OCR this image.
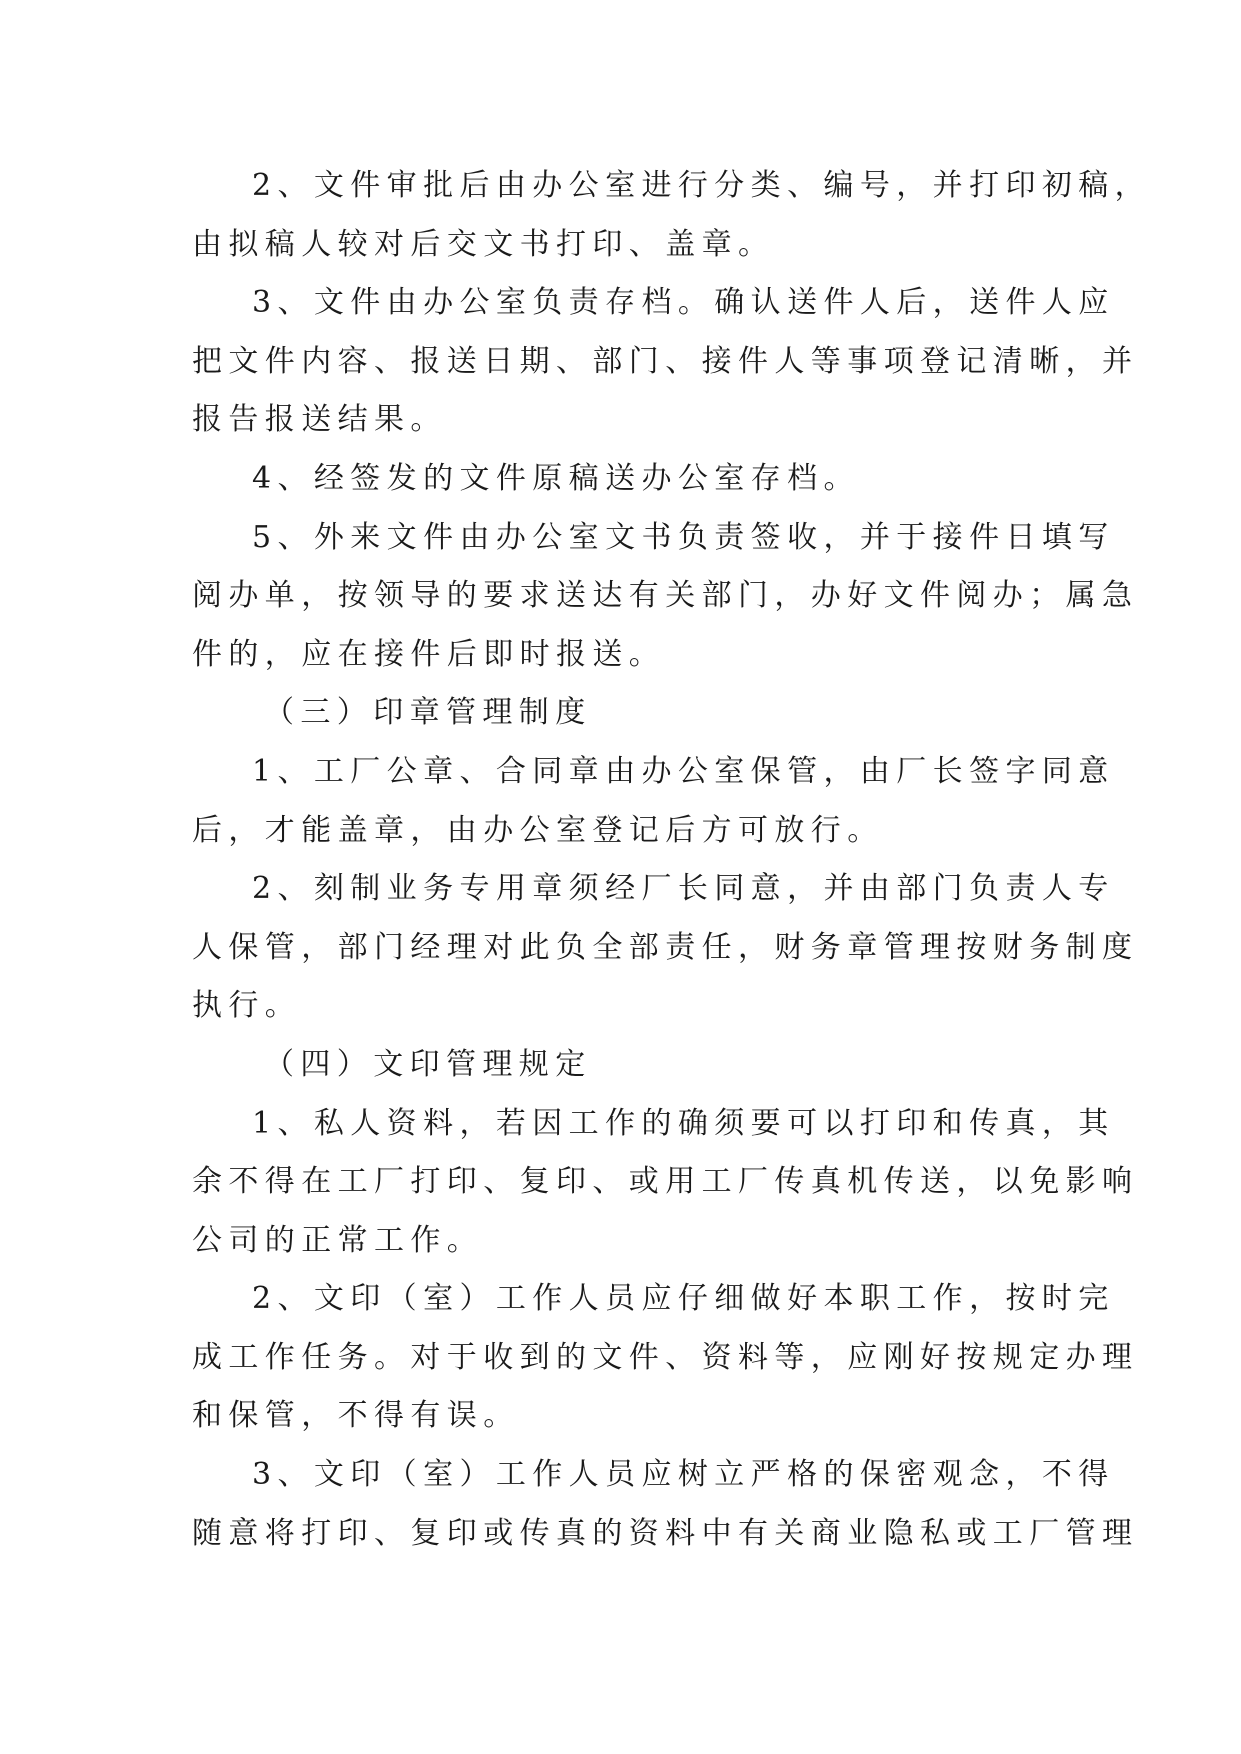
2、文件审批后由办公室进行分类、编号，并打印初稿，
由拟稿人较对后交文书打印、盖章。
3、文件由办公室负责存档。确认送件人后，送件人应
把文件内容、报送日期、部门、接件人等事项登记清晰，并
报告报送结果。
4、经签发的文件原稿送办公室存档。
5、外来文件由办公室文书负责签收，并于接件日填写
阅办单，按领导的要求送达有关部门，办好文件阅办；属急
件的，应在接件后即时报送。
（三）印章管理制度
1、工厂公章、合同章由办公室保管，由厂长签字同意
后，才能盖章，由办公室登记后方可放行。
2、刻制业务专用章须经厂长同意，并由部门负责人专
人保管，部门经理对此负全部责任，财务章管理按财务制度
执行。
（四）文印管理规定
1、私人资料，若因工作的确须要可以打印和传真，其
余不得在工厂打印、复印、或用工厂传真机传送，以免影响
公司的正常工作。
2、文印（室）工作人员应仔细做好本职工作，按时完
成工作任务。对于收到的文件、资料等，应刚好按规定办理
和保管，不得有误。
3、文印（室）工作人员应树立严格的保密观念，不得
随意将打印、复印或传真的资料中有关商业隐私或工厂管理
